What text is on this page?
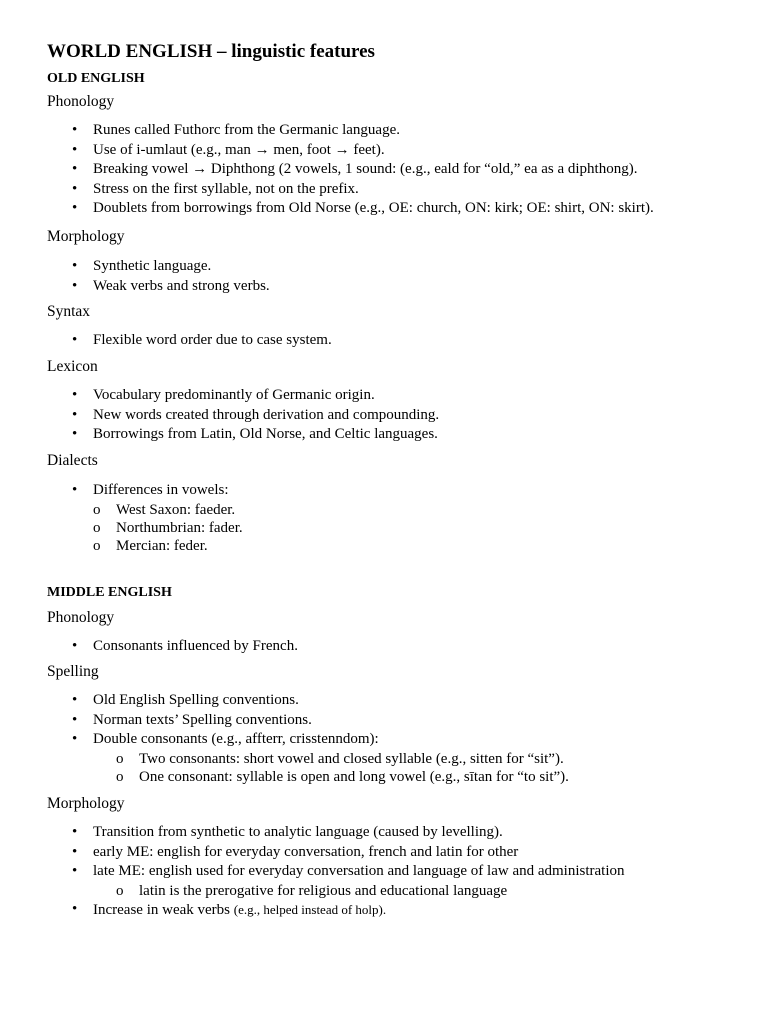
WORLD ENGLISH – linguistic features
OLD ENGLISH
Phonology
• Runes called Futhorc from the Germanic language.
• Use of i-umlaut (e.g., man → men, foot → feet).
• Breaking vowel → Diphthong (2 vowels, 1 sound: (e.g., eald for “old,” ea as a diphthong).
• Stress on the first syllable, not on the prefix.
• Doublets from borrowings from Old Norse (e.g., OE: church, ON: kirk; OE: shirt, ON: skirt).
Morphology
• Synthetic language.
• Weak verbs and strong verbs.
Syntax
• Flexible word order due to case system.
Lexicon
• Vocabulary predominantly of Germanic origin.
• New words created through derivation and compounding.
• Borrowings from Latin, Old Norse, and Celtic languages.
Dialects
• Differences in vowels:
o West Saxon: faeder.
o Northumbrian: fader.
o Mercian: feder.
MIDDLE ENGLISH
Phonology
• Consonants influenced by French.
Spelling
• Old English Spelling conventions.
• Norman texts’ Spelling conventions.
• Double consonants (e.g., affterr, crisstenndom):
o Two consonants: short vowel and closed syllable (e.g., sitten for “sit”).
o One consonant: syllable is open and long vowel (e.g., sītan for “to sit”).
Morphology
• Transition from synthetic to analytic language (caused by levelling).
• early ME: english for everyday conversation, french and latin for other
• late ME: english used for everyday conversation and language of law and administration
o latin is the prerogative for religious and educational language
• Increase in weak verbs (e.g., helped instead of holp).
